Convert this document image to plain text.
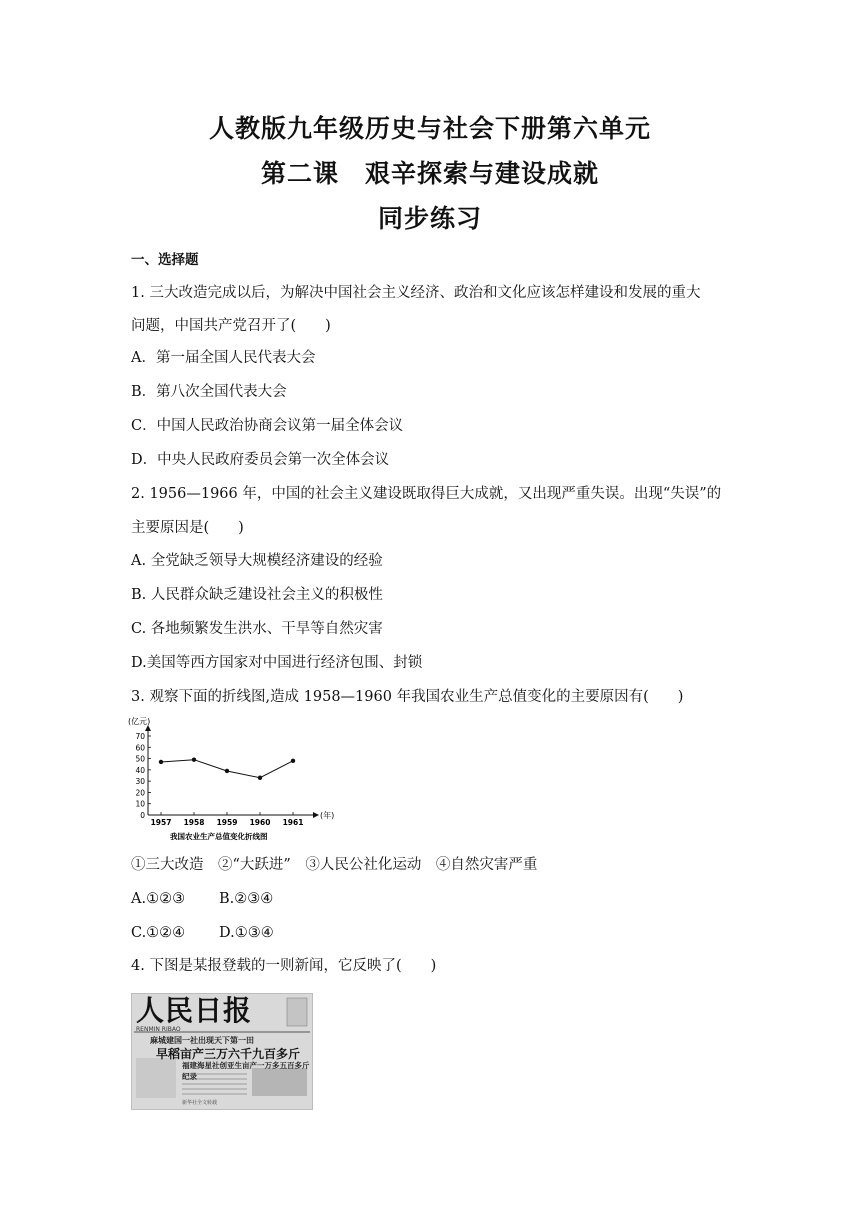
人教版九年级历史与社会下册第六单元
第二课　艰辛探索与建设成就
同步练习
一、选择题
1. 三大改造完成以后，为解决中国社会主义经济、政治和文化应该怎样建设和发展的重大
问题，中国共产党召开了(　　)
A．第一届全国人民代表大会
B．第八次全国代表大会
C．中国人民政治协商会议第一届全体会议
D．中央人民政府委员会第一次全体会议
2. 1956—1966 年，中国的社会主义建设既取得巨大成就，又出现严重失误。出现“失误”的
主要原因是(　　)
A. 全党缺乏领导大规模经济建设的经验
B. 人民群众缺乏建设社会主义的积极性
C. 各地频繁发生洪水、干旱等自然灾害
D.美国等西方国家对中国进行经济包围、封锁
3. 观察下面的折线图,造成 1958—1960 年我国农业生产总值变化的主要原因有(　　)
(亿元)
(年)
我国农业生产总值变化折线图
0
10
20
30
40
50
60
70
1957 1958 1959 1960 1961
①三大改造　②“大跃进”　③人民公社化运动　④自然灾害严重
A.①②③ B.②③④
C.①②④ D.①③④
4. 下图是某报登载的一则新闻，它反映了(　　)
人民日报
RENMIN RIBAO
麻城建国一社出现天下第一田
早稻亩产三万六千九百多斤
福建海星社创亚生亩产一万多五百多斤纪录
新华社全文转载
